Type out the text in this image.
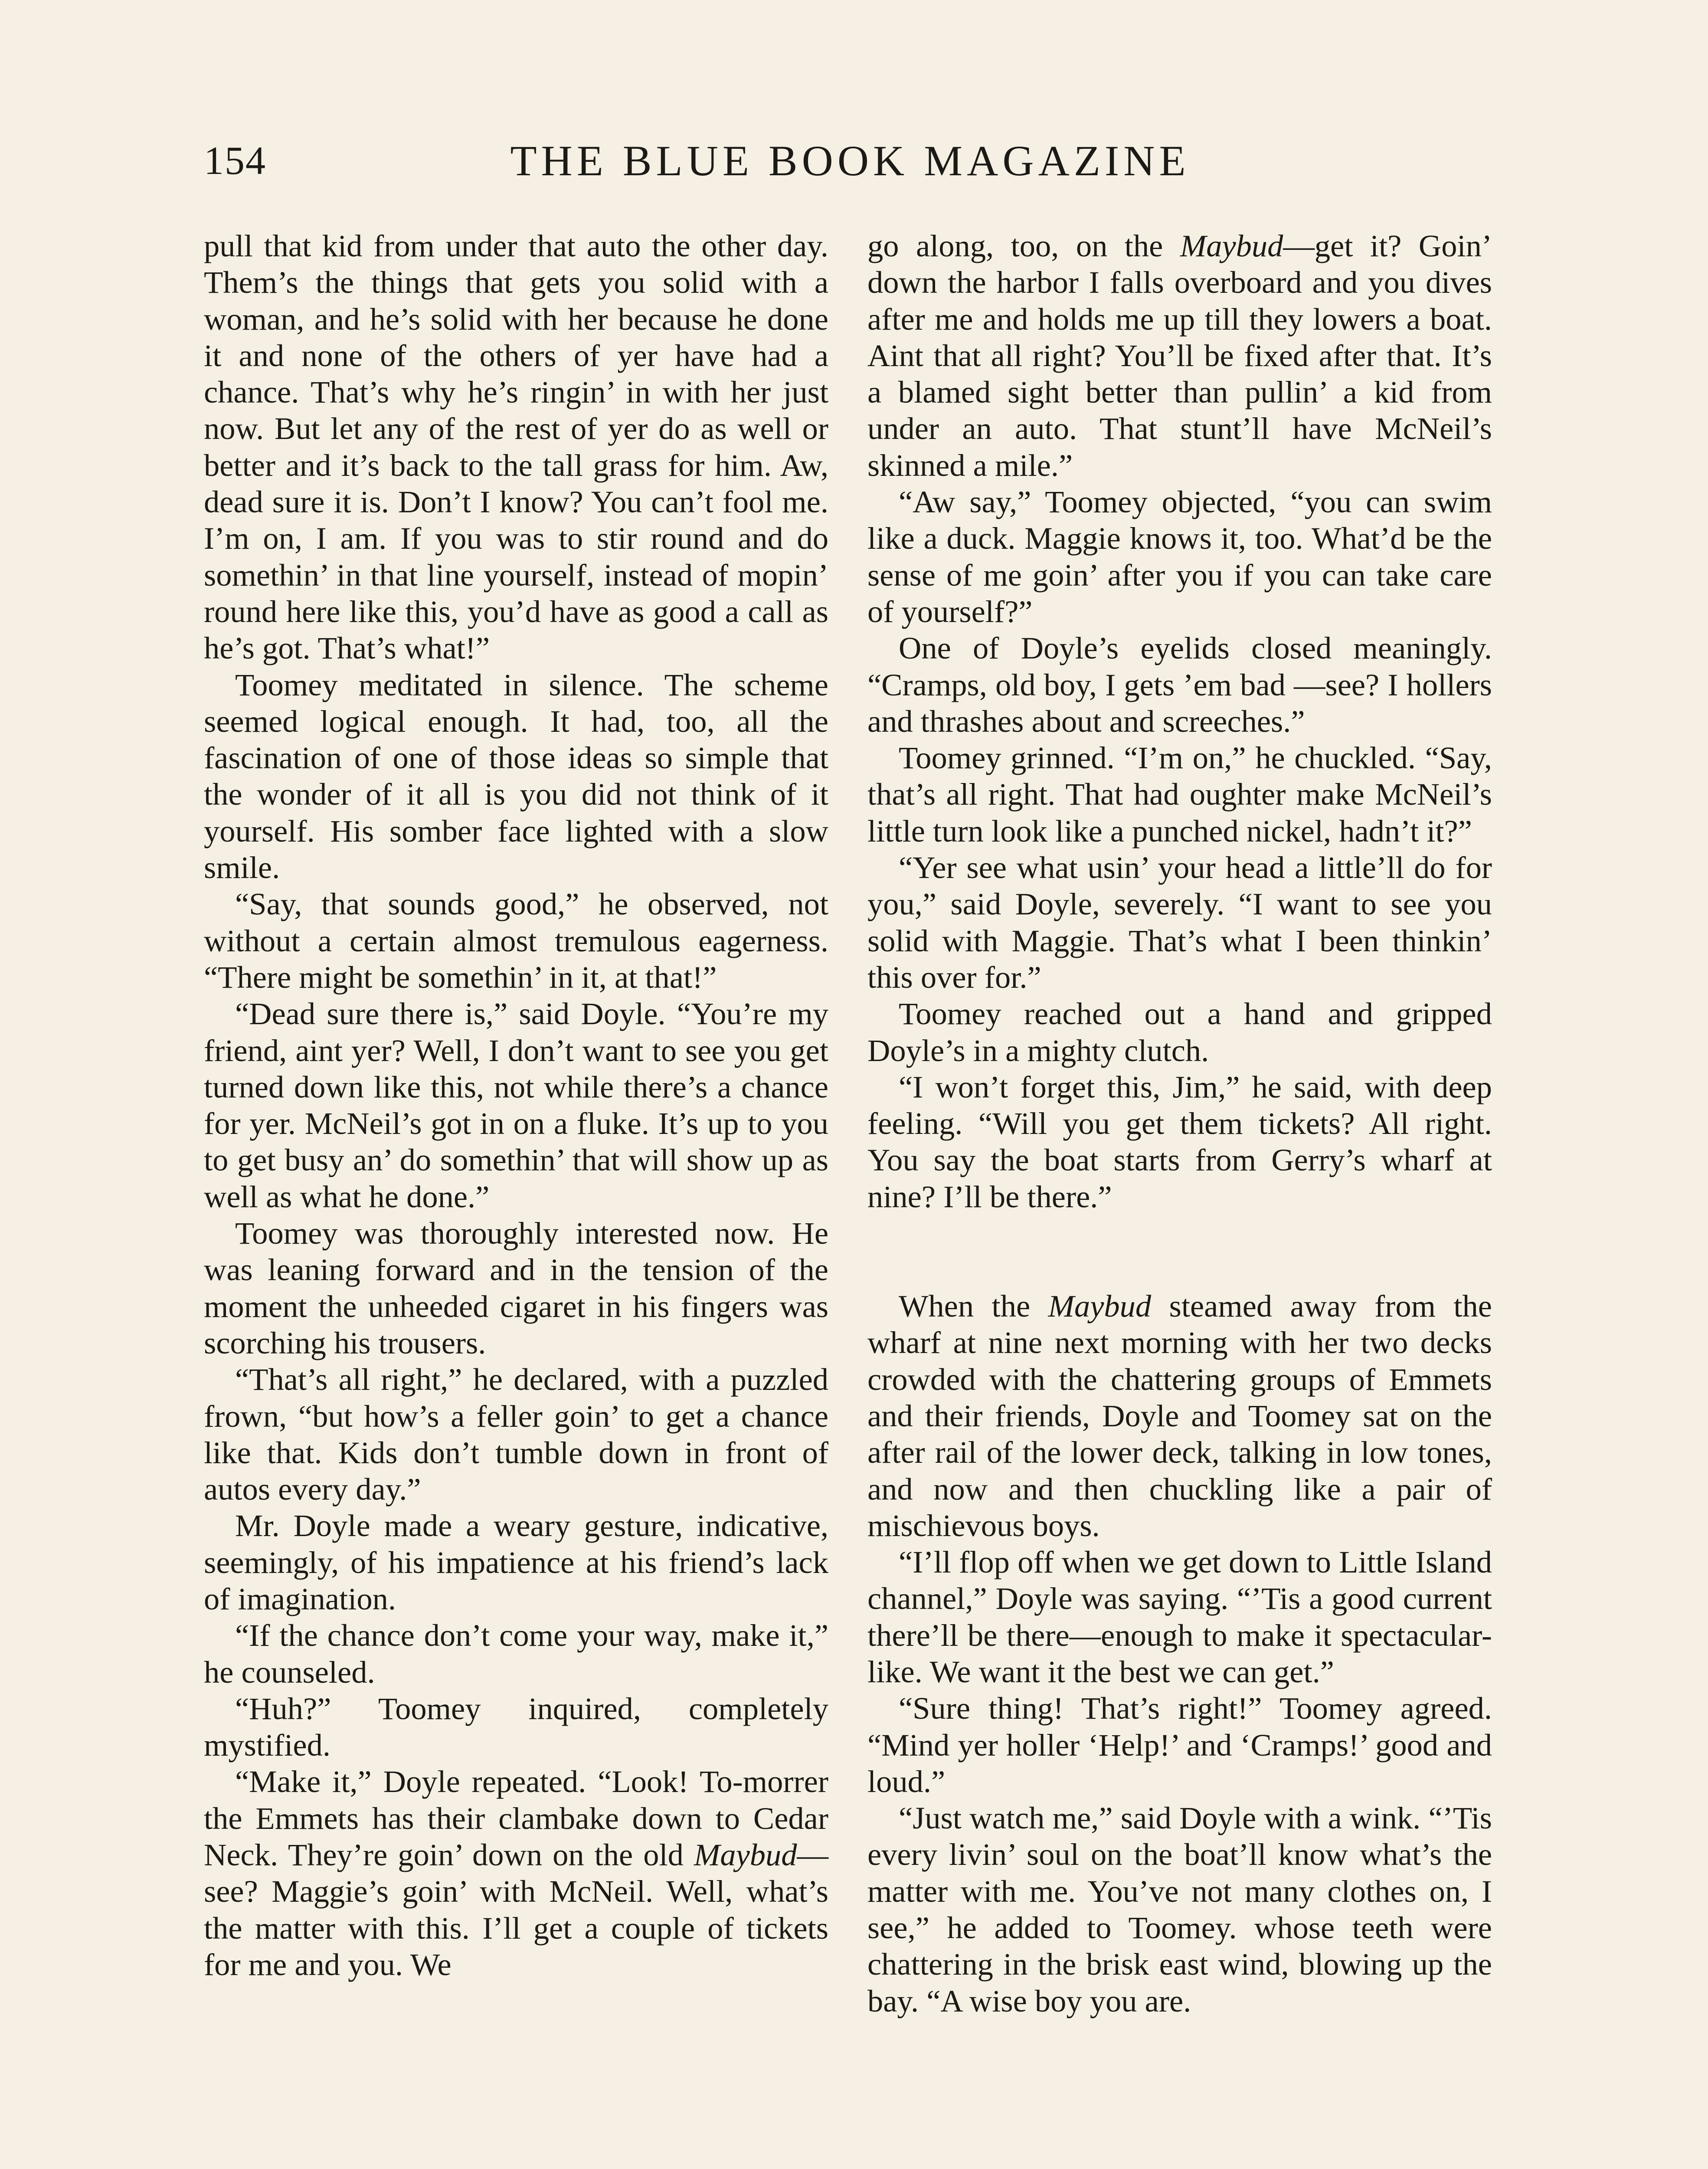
154	THE BLUE BOOK MAGAZINE

pull that kid from under that auto the other day. Them’s the things that gets you solid with a woman, and he’s solid with her because he done it and none of the others of yer have had a chance. That’s why he’s ringin’ in with her just now. But let any of the rest of yer do as well or better and it’s back to the tall grass for him. Aw, dead sure it is. Don’t I know? You can’t fool me. I’m on, I am. If you was to stir round and do somethin’ in that line yourself, instead of mopin’ round here like this, you’d have as good a call as he’s got. That’s what!”

Toomey meditated in silence. The scheme seemed logical enough. It had, too, all the fascination of one of those ideas so simple that the wonder of it all is you did not think of it yourself. His somber face lighted with a slow smile.

“Say, that sounds good,” he observed, not without a certain almost tremulous eagerness. “There might be somethin’ in it, at that!”

“Dead sure there is,” said Doyle. “You’re my friend, aint yer? Well, I don’t want to see you get turned down like this, not while there’s a chance for yer. McNeil’s got in on a fluke. It’s up to you to get busy an’ do somethin’ that will show up as well as what he done.”

Toomey was thoroughly interested now. He was leaning forward and in the tension of the moment the unheeded cigaret in his fingers was scorching his trousers.

“That’s all right,” he declared, with a puzzled frown, “but how’s a feller goin’ to get a chance like that. Kids don’t tumble down in front of autos every day.”

Mr. Doyle made a weary gesture, indicative, seemingly, of his impatience at his friend’s lack of imagination.

“If the chance don’t come your way, make it,” he counseled.

“Huh?” Toomey inquired, completely mystified.

“Make it,” Doyle repeated. “Look! To-morrer the Emmets has their clambake down to Cedar Neck. They’re goin’ down on the old Maybud—see? Maggie’s goin’ with McNeil. Well, what’s the matter with this. I’ll get a couple of tickets for me and you. We

go along, too, on the Maybud—get it? Goin’ down the harbor I falls overboard and you dives after me and holds me up till they lowers a boat. Aint that all right? You’ll be fixed after that. It’s a blamed sight better than pullin’ a kid from under an auto. That stunt’ll have McNeil’s skinned a mile.”

“Aw say,” Toomey objected, “you can swim like a duck. Maggie knows it, too. What’d be the sense of me goin’ after you if you can take care of yourself?”

One of Doyle’s eyelids closed meaningly. “Cramps, old boy, I gets ’em bad —see? I hollers and thrashes about and screeches.”

Toomey grinned. “I’m on,” he chuckled. “Say, that’s all right. That had oughter make McNeil’s little turn look like a punched nickel, hadn’t it?”

“Yer see what usin’ your head a little’ll do for you,” said Doyle, severely. “I want to see you solid with Maggie. That’s what I been thinkin’ this over for.”

Toomey reached out a hand and gripped Doyle’s in a mighty clutch.

“I won’t forget this, Jim,” he said, with deep feeling. “Will you get them tickets? All right. You say the boat starts from Gerry’s wharf at nine? I’ll be there.”

When the Maybud steamed away from the wharf at nine next morning with her two decks crowded with the chattering groups of Emmets and their friends, Doyle and Toomey sat on the after rail of the lower deck, talking in low tones, and now and then chuckling like a pair of mischievous boys.

“I’ll flop off when we get down to Little Island channel,” Doyle was saying. “’Tis a good current there’ll be there—enough to make it spectacular-like. We want it the best we can get.”

“Sure thing! That’s right!” Toomey agreed. “Mind yer holler ‘Help!’ and ‘Cramps!’ good and loud.”

“Just watch me,” said Doyle with a wink. “’Tis every livin’ soul on the boat’ll know what’s the matter with me. You’ve not many clothes on, I see,” he added to Toomey. whose teeth were chattering in the brisk east wind, blowing up the bay. “A wise boy you are.
